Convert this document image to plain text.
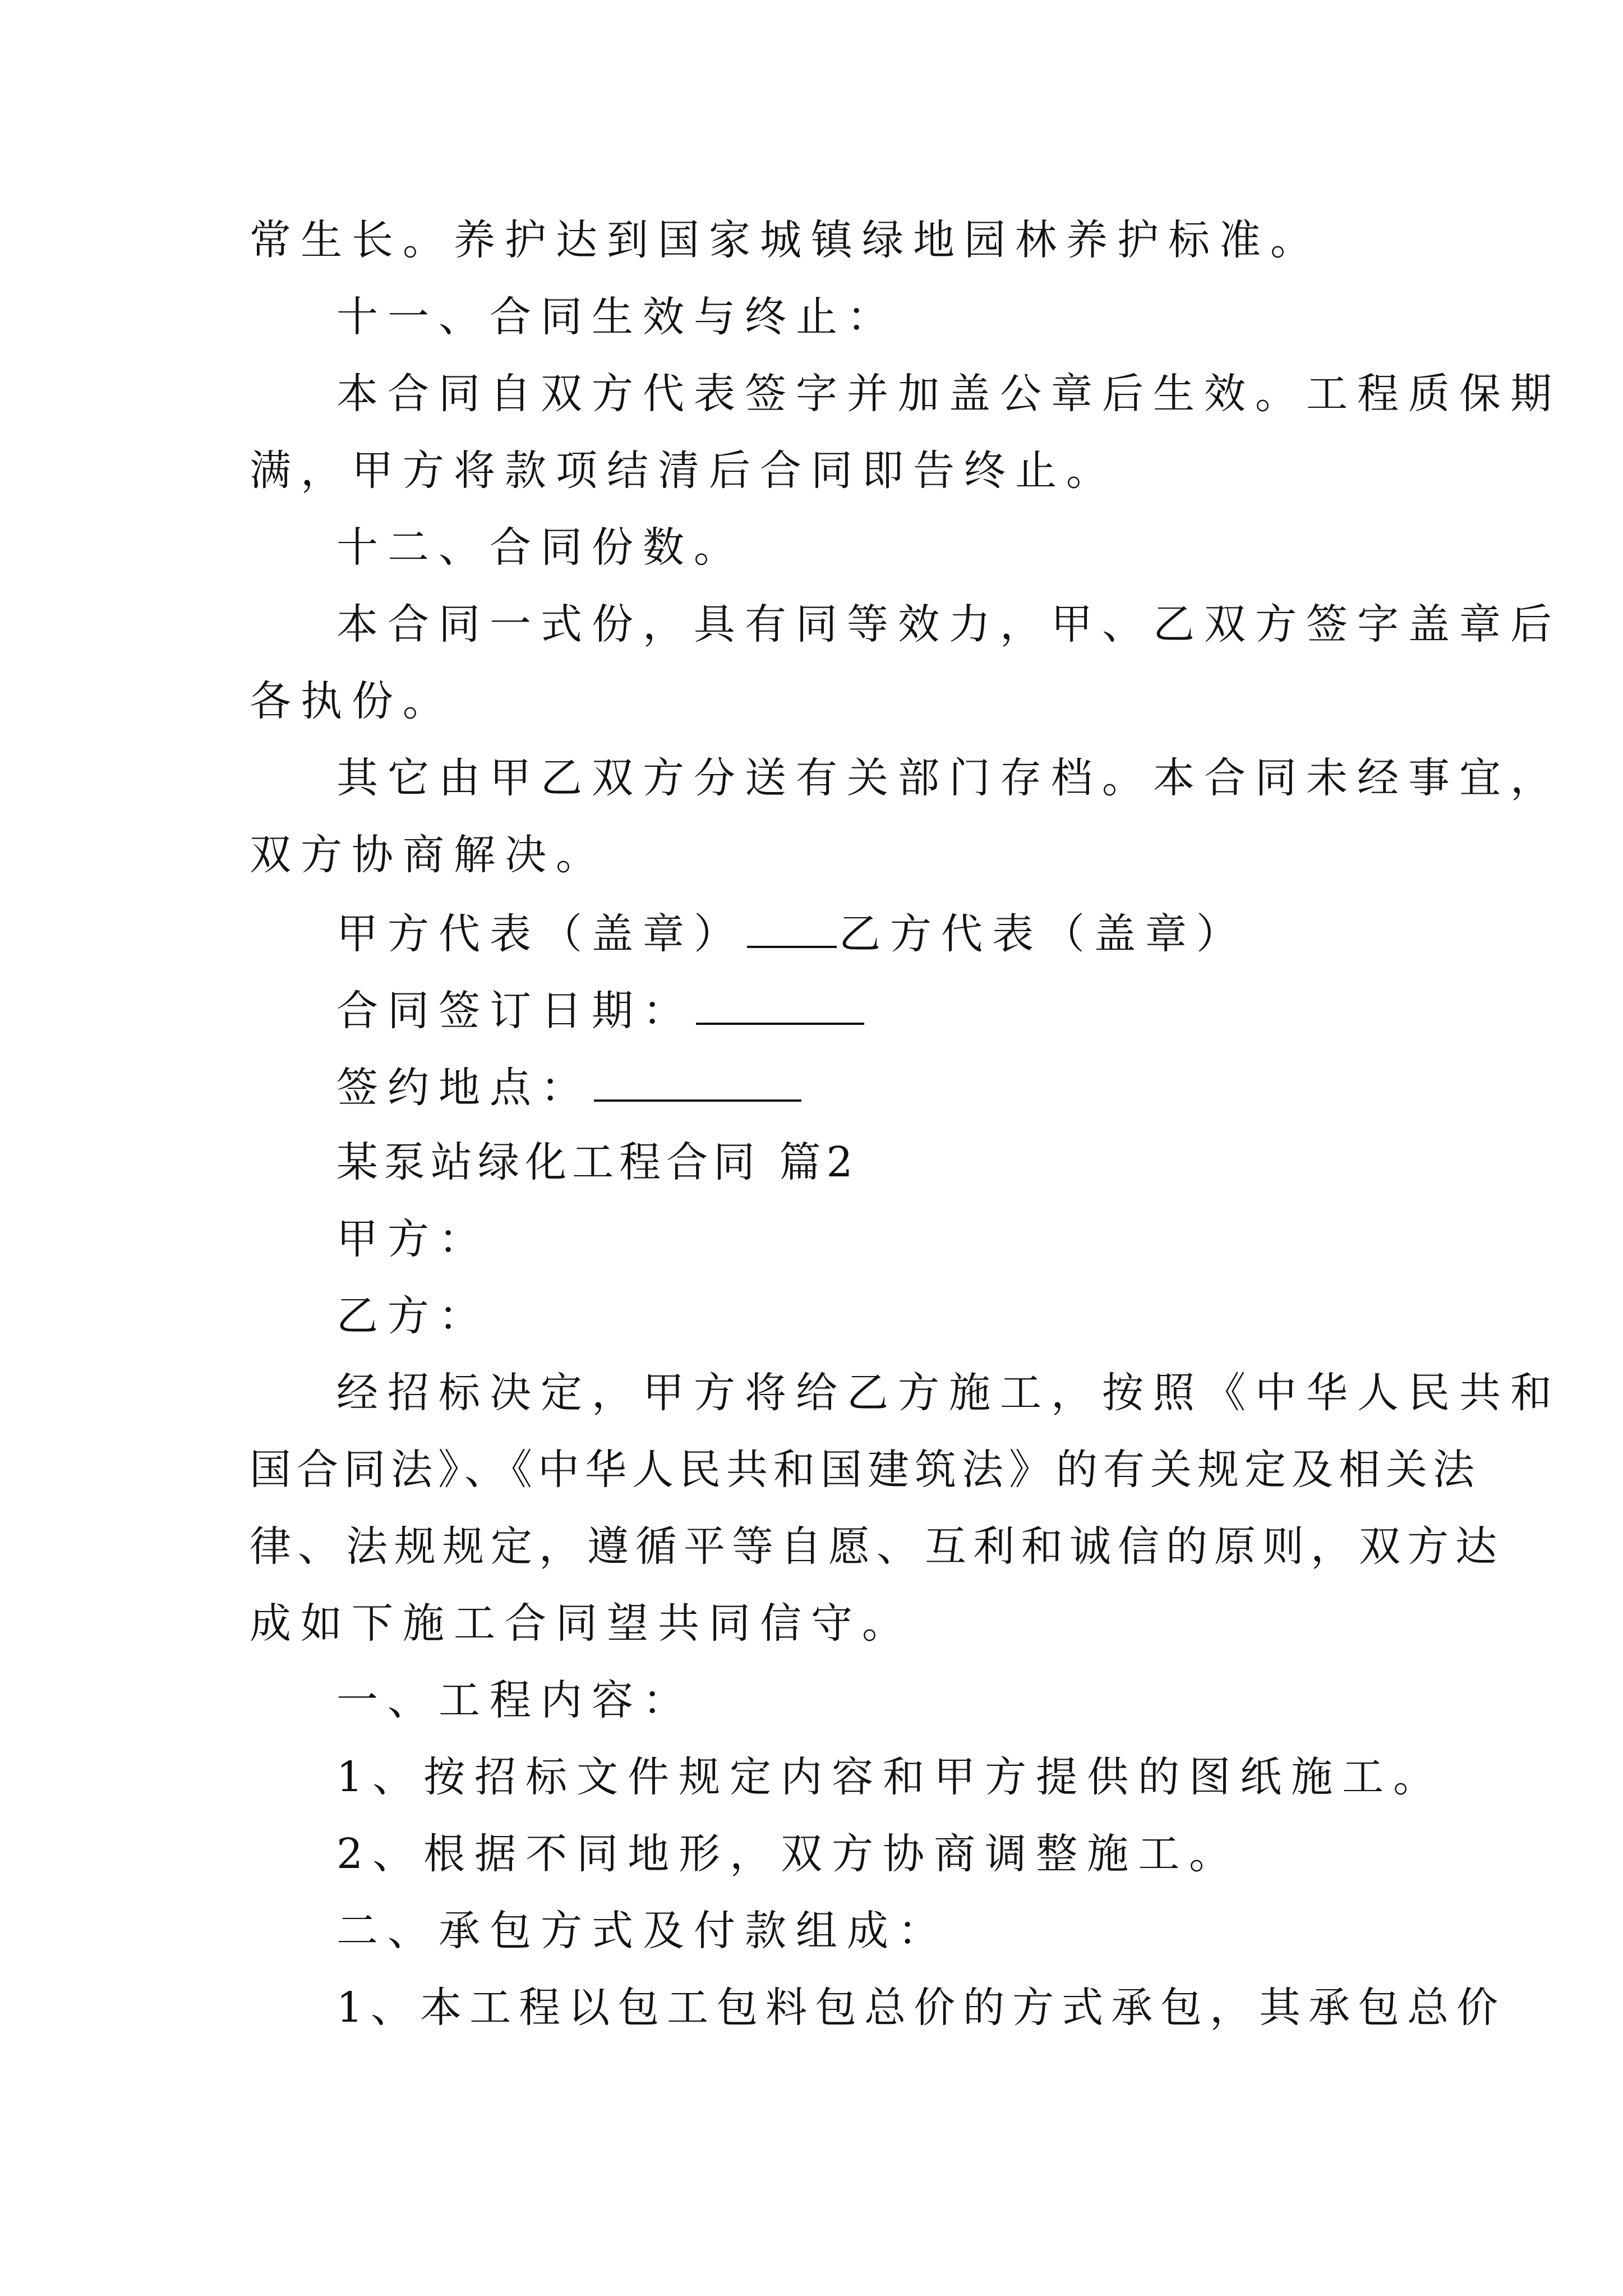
常生长。养护达到国家城镇绿地园林养护标准。

十一、合同生效与终止：

本合同自双方代表签字并加盖公章后生效。工程质保期

满，甲方将款项结清后合同即告终止。

十二、合同份数。

本合同一式份，具有同等效力，甲、乙双方签字盖章后

各执份。

其它由甲乙双方分送有关部门存档。本合同未经事宜，

双方协商解决。

甲方代表（盖章） 乙方代表（盖章）

合同签订日期：

签约地点：

某泵站绿化工程合同 篇2

甲方：

乙方：

经招标决定，甲方将给乙方施工，按照《中华人民共和

国合同法》、《中华人民共和国建筑法》的有关规定及相关法

律、法规规定，遵循平等自愿、互利和诚信的原则，双方达

成如下施工合同望共同信守。

一、工程内容：

1、按招标文件规定内容和甲方提供的图纸施工。

2、根据不同地形，双方协商调整施工。

二、承包方式及付款组成：

1、本工程以包工包料包总价的方式承包，其承包总价
